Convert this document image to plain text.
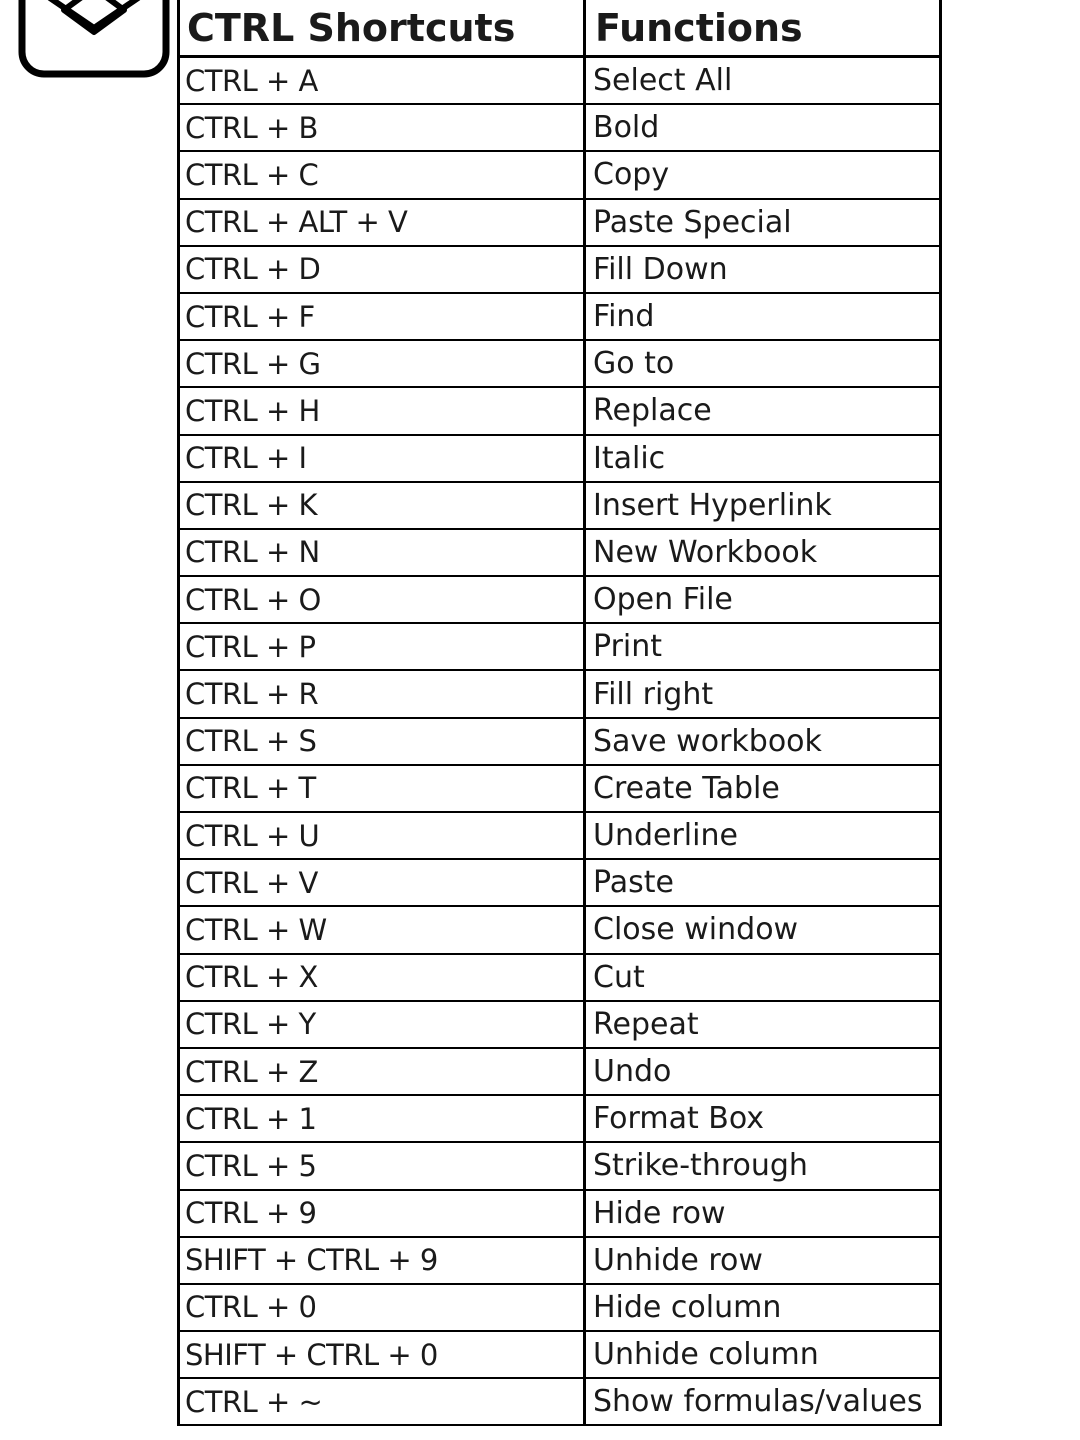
CTRL Shortcuts	Functions
CTRL + A	Select All
CTRL + B	Bold
CTRL + C	Copy
CTRL + ALT + V	Paste Special
CTRL + D	Fill Down
CTRL + F	Find
CTRL + G	Go to
CTRL + H	Replace
CTRL + I	Italic
CTRL + K	Insert Hyperlink
CTRL + N	New Workbook
CTRL + O	Open File
CTRL + P	Print
CTRL + R	Fill right
CTRL + S	Save workbook
CTRL + T	Create Table
CTRL + U	Underline
CTRL + V	Paste
CTRL + W	Close window
CTRL + X	Cut
CTRL + Y	Repeat
CTRL + Z	Undo
CTRL + 1	Format Box
CTRL + 5	Strike-through
CTRL + 9	Hide row
SHIFT + CTRL + 9	Unhide row
CTRL + 0	Hide column
SHIFT + CTRL + 0	Unhide column
CTRL + ~	Show formulas/values
